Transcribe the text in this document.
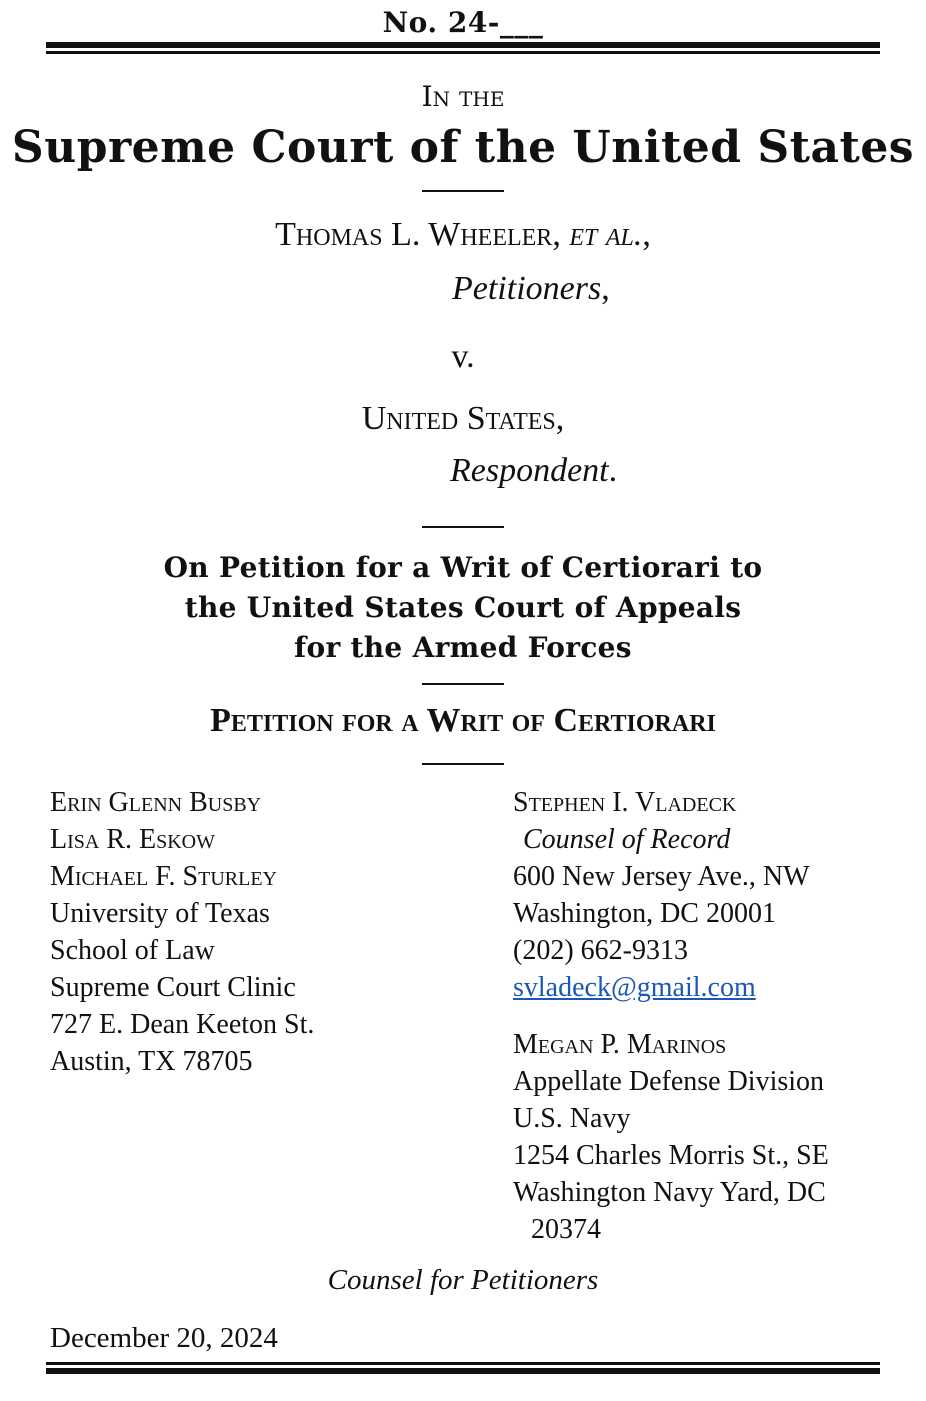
No. 24-___
In the
Supreme Court of the United States
Thomas L. Wheeler, et al.,
Petitioners,
v.
United States,
Respondent.
On Petition for a Writ of Certiorari to
the United States Court of Appeals
for the Armed Forces
Petition for a Writ of Certiorari
Erin Glenn Busby
Lisa R. Eskow
Michael F. Sturley
University of Texas
School of Law
Supreme Court Clinic
727 E. Dean Keeton St.
Austin, TX 78705
Stephen I. Vladeck
Counsel of Record
600 New Jersey Ave., NW
Washington, DC 20001
(202) 662-9313
svladeck@gmail.com
Megan P. Marinos
Appellate Defense Division
U.S. Navy
1254 Charles Morris St., SE
Washington Navy Yard, DC
20374
Counsel for Petitioners
December 20, 2024
